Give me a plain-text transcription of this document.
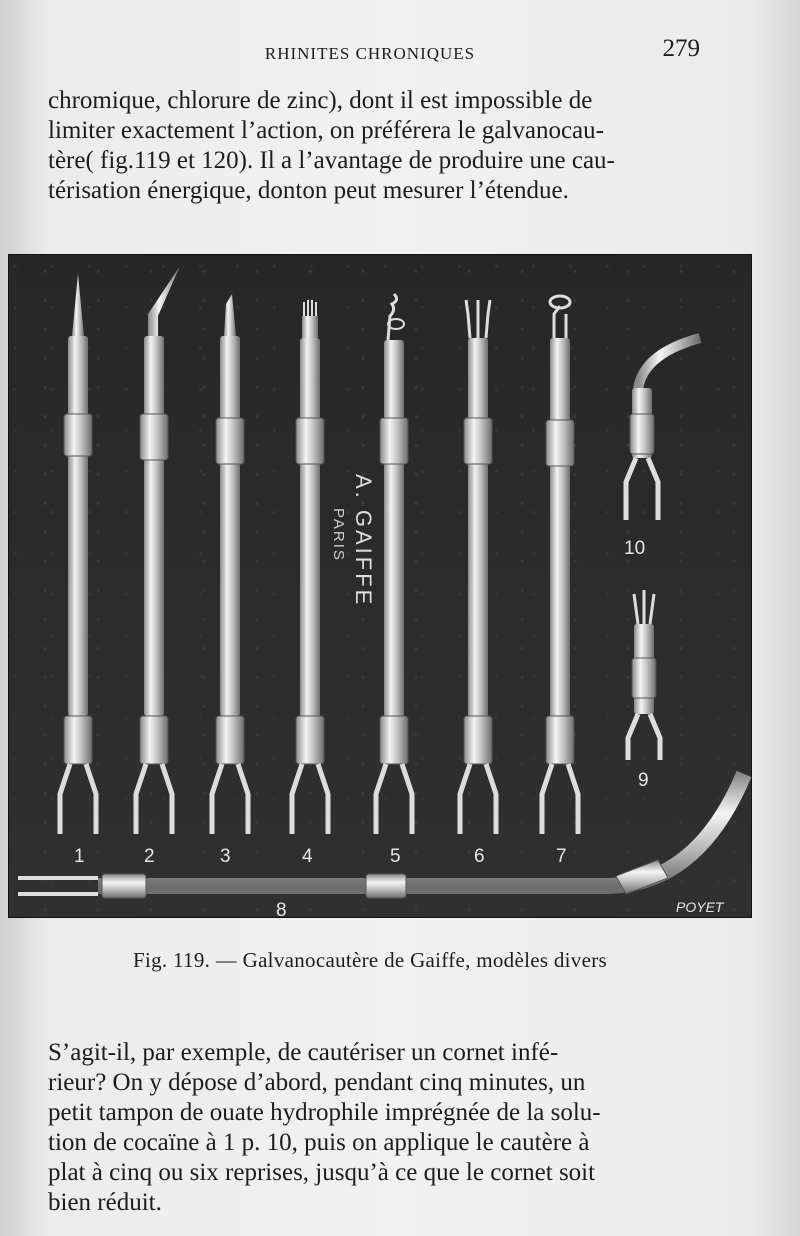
RHINITES CHRONIQUES	279

chromique, chlorure de zinc), dont il est impossible de
limiter exactement l’action, on préférera le galvanocau-
tère( fig.119 et 120). Il a l’avantage de produire une cau-
térisation énergique, donton peut mesurer l’étendue.

A. GAIFFE
PARIS
1	2	3	4	5	6	7
8
9
10
POYET
Fig. 119. — Galvanocautère de Gaiffe, modèles divers

S’agit-il, par exemple, de cautériser un cornet infé-
rieur? On y dépose d’abord, pendant cinq minutes, un
petit tampon de ouate hydrophile imprégnée de la solu-
tion de cocaïne à 1 p. 10, puis on applique le cautère à
plat à cinq ou six reprises, jusqu’à ce que le cornet soit
bien réduit.
